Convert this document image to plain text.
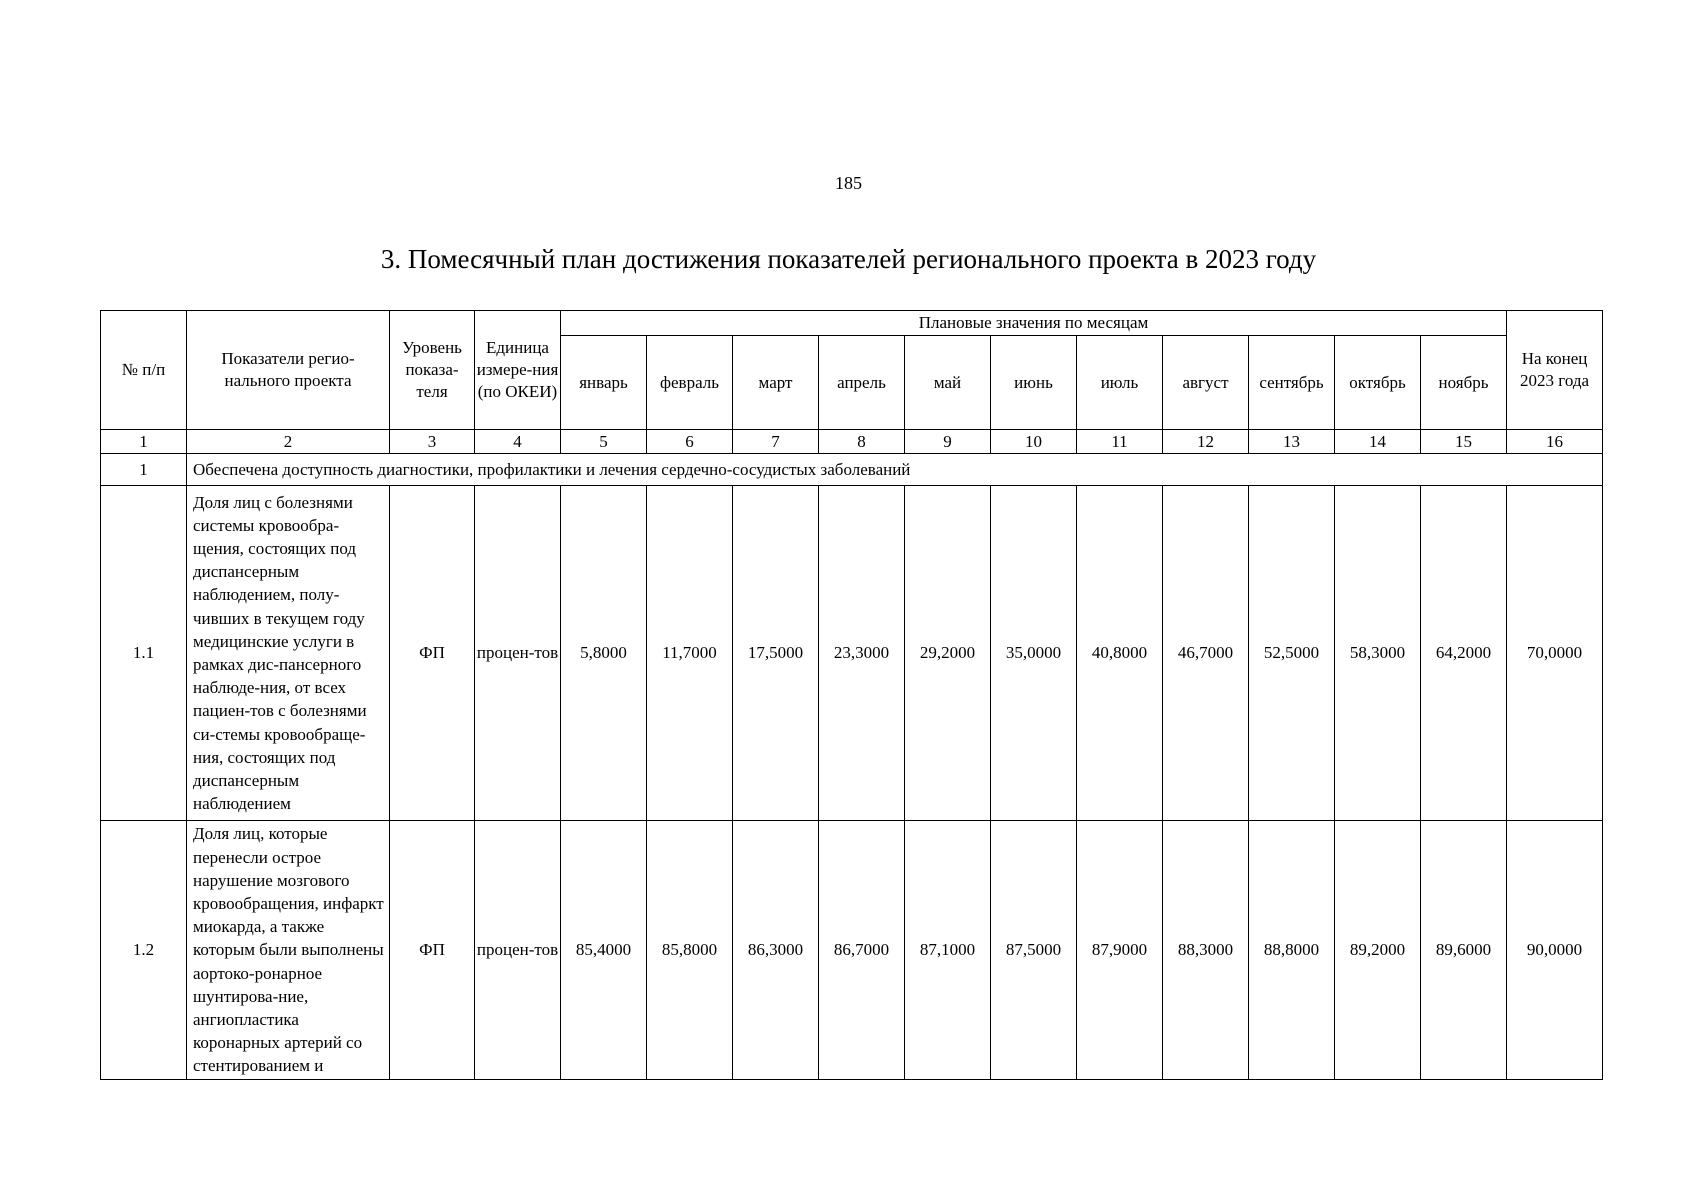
185
3. Помесячный план достижения показателей регионального проекта в 2023 году
№ п/п	Показатели регио-нального проекта	Уровень показа-теля	Единица измере-ния (по ОКЕИ)	Плановые значения по месяцам											На конец 2023 года
				январь	февраль	март	апрель	май	июнь	июль	август	сентябрь	октябрь	ноябрь	
1	2	3	4	5	6	7	8	9	10	11	12	13	14	15	16
1	Обеспечена доступность диагностики, профилактики и лечения сердечно-сосудистых заболеваний														
1.1	Доля лиц с болезнями системы кровообра-щения, состоящих под диспансерным наблюдением, полу-чивших в текущем году медицинские услуги в рамках дис-пансерного наблюде-ния, от всех пациен-тов с болезнями си-стемы кровообраще-ния, состоящих под диспансерным наблюдением	ФП	процен-тов	5,8000	11,7000	17,5000	23,3000	29,2000	35,0000	40,8000	46,7000	52,5000	58,3000	64,2000	70,0000
1.2	Доля лиц, которые перенесли острое нарушение мозгового кровообращения, инфаркт миокарда, а также которым были выполнены аортоко-ронарное шунтирова-ние, ангиопластика коронарных артерий со стентированием и	ФП	процен-тов	85,4000	85,8000	86,3000	86,7000	87,1000	87,5000	87,9000	88,3000	88,8000	89,2000	89,6000	90,0000
